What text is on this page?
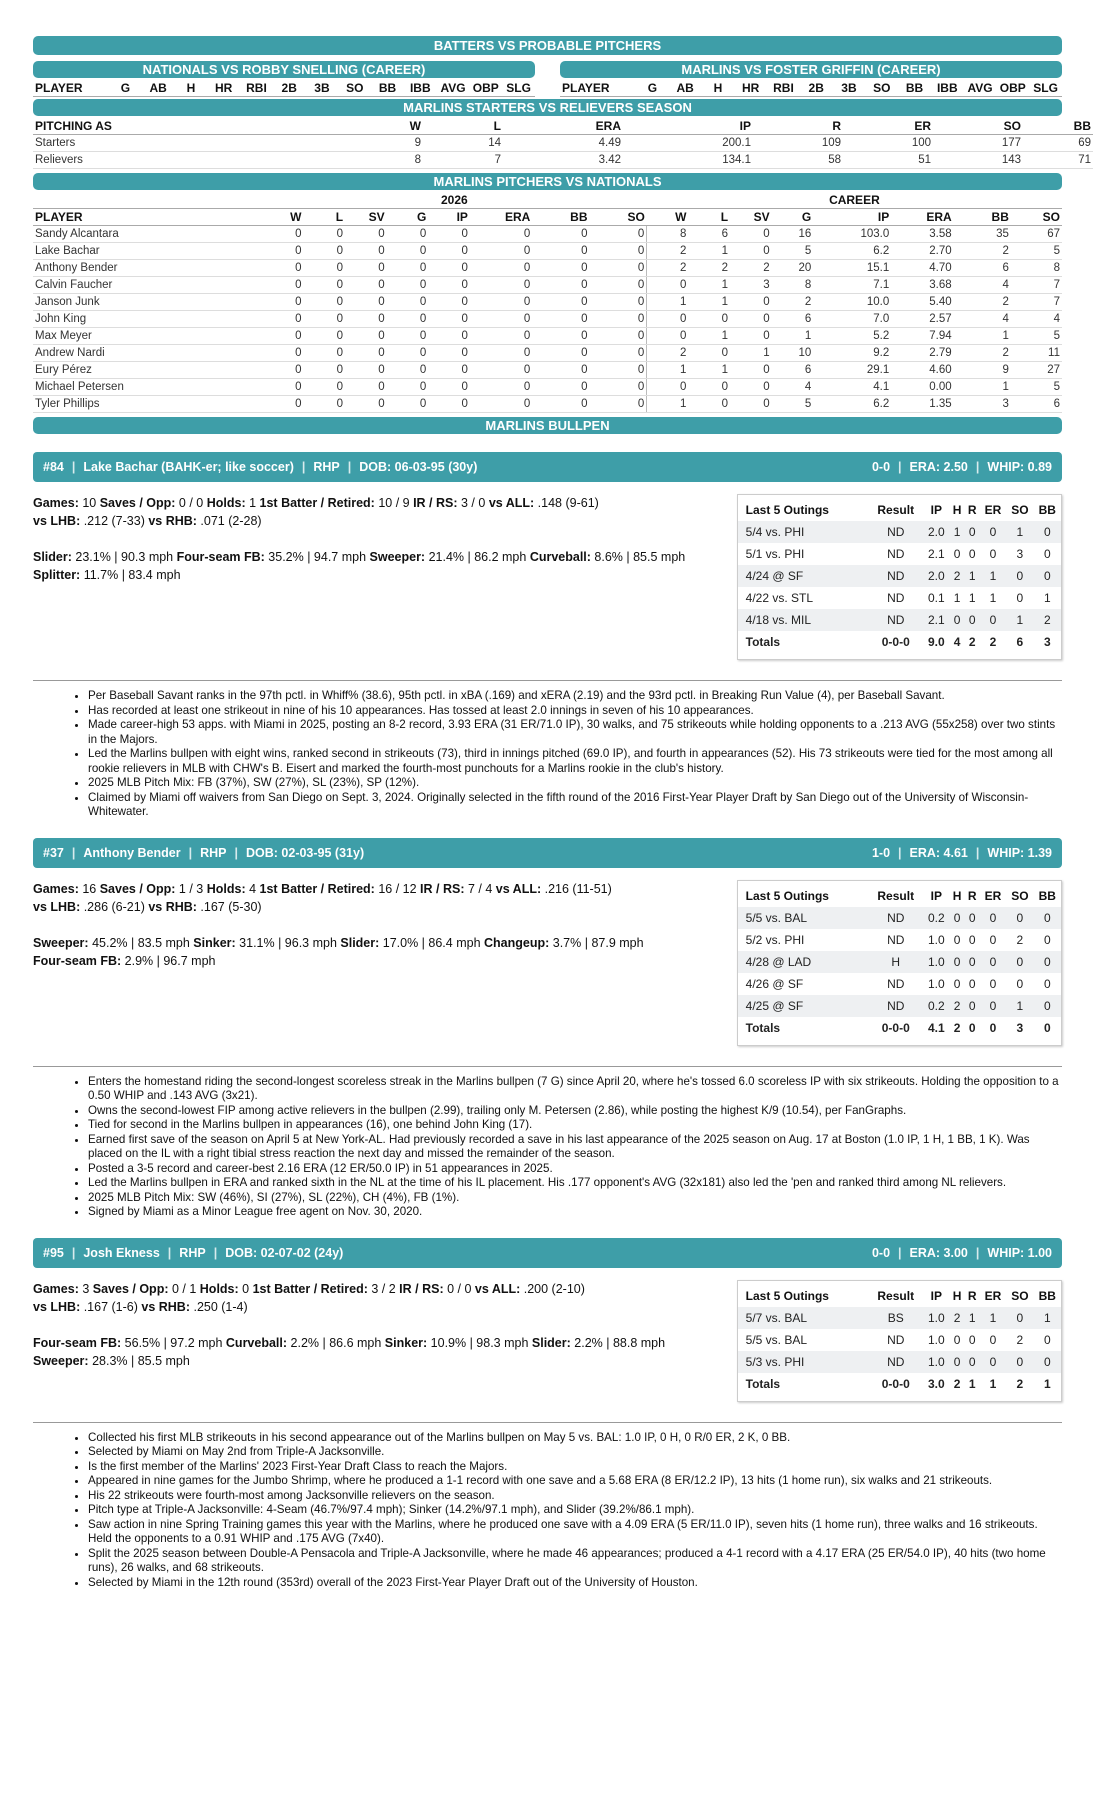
BATTERS VS PROBABLE PITCHERS
NATIONALS VS ROBBY SNELLING (CAREER)
PLAYER	G	AB	H	HR	RBI	2B	3B	SO	BB	IBB	AVG	OBP	SLG
MARLINS VS FOSTER GRIFFIN (CAREER)
PLAYER	G	AB	H	HR	RBI	2B	3B	SO	BB	IBB	AVG	OBP	SLG
MARLINS STARTERS VS RELIEVERS SEASON
PITCHING AS	W	L	ERA	IP	R	ER	SO	BB
Starters	9	14	4.49	200.1	109	100	177	69
Relievers	8	7	3.42	134.1	58	51	143	71
MARLINS PITCHERS VS NATIONALS
	2026								CAREER							
PLAYER	W	L	SV	G	IP	ERA	BB	SO	W	L	SV	G	IP	ERA	BB	SO
Sandy Alcantara	0	0	0	0	0	0	0	0	8	6	0	16	103.0	3.58	35	67
Lake Bachar	0	0	0	0	0	0	0	0	2	1	0	5	6.2	2.70	2	5
Anthony Bender	0	0	0	0	0	0	0	0	2	2	2	20	15.1	4.70	6	8
Calvin Faucher	0	0	0	0	0	0	0	0	0	1	3	8	7.1	3.68	4	7
Janson Junk	0	0	0	0	0	0	0	0	1	1	0	2	10.0	5.40	2	7
John King	0	0	0	0	0	0	0	0	0	0	0	6	7.0	2.57	4	4
Max Meyer	0	0	0	0	0	0	0	0	0	1	0	1	5.2	7.94	1	5
Andrew Nardi	0	0	0	0	0	0	0	0	2	0	1	10	9.2	2.79	2	11
Eury Pérez	0	0	0	0	0	0	0	0	1	1	0	6	29.1	4.60	9	27
Michael Petersen	0	0	0	0	0	0	0	0	0	0	0	4	4.1	0.00	1	5
Tyler Phillips	0	0	0	0	0	0	0	0	1	0	0	5	6.2	1.35	3	6
MARLINS BULLPEN
#84 | Lake Bachar (BAHK-er; like soccer) | RHP | DOB: 06-03-95 (30y)	0-0 | ERA: 2.50 | WHIP: 0.89
Games: 10 Saves / Opp: 0 / 0 Holds: 1 1st Batter / Retired: 10 / 9 IR / RS: 3 / 0 vs ALL: .148 (9-61)
vs LHB: .212 (7-33) vs RHB: .071 (2-28)
Slider: 23.1% | 90.3 mph Four-seam FB: 35.2% | 94.7 mph Sweeper: 21.4% | 86.2 mph Curveball: 8.6% | 85.5 mph
Splitter: 11.7% | 83.4 mph
Last 5 Outings	Result	IP	H	R	ER	SO	BB
5/4 vs. PHI	ND	2.0	1	0	0	1	0
5/1 vs. PHI	ND	2.1	0	0	0	3	0
4/24 @ SF	ND	2.0	2	1	1	0	0
4/22 vs. STL	ND	0.1	1	1	1	0	1
4/18 vs. MIL	ND	2.1	0	0	0	1	2
Totals	0-0-0	9.0	4	2	2	6	3
• Per Baseball Savant ranks in the 97th pctl. in Whiff% (38.6), 95th pctl. in xBA (.169) and xERA (2.19) and the 93rd pctl. in Breaking Run Value (4), per Baseball Savant.
• Has recorded at least one strikeout in nine of his 10 appearances. Has tossed at least 2.0 innings in seven of his 10 appearances.
• Made career-high 53 apps. with Miami in 2025, posting an 8-2 record, 3.93 ERA (31 ER/71.0 IP), 30 walks, and 75 strikeouts while holding opponents to a .213 AVG (55x258) over two stints in the Majors.
• Led the Marlins bullpen with eight wins, ranked second in strikeouts (73), third in innings pitched (69.0 IP), and fourth in appearances (52). His 73 strikeouts were tied for the most among all rookie relievers in MLB with CHW's B. Eisert and marked the fourth-most punchouts for a Marlins rookie in the club's history.
• 2025 MLB Pitch Mix: FB (37%), SW (27%), SL (23%), SP (12%).
• Claimed by Miami off waivers from San Diego on Sept. 3, 2024. Originally selected in the fifth round of the 2016 First-Year Player Draft by San Diego out of the University of Wisconsin-Whitewater.
#37 | Anthony Bender | RHP | DOB: 02-03-95 (31y)	1-0 | ERA: 4.61 | WHIP: 1.39
Games: 16 Saves / Opp: 1 / 3 Holds: 4 1st Batter / Retired: 16 / 12 IR / RS: 7 / 4 vs ALL: .216 (11-51)
vs LHB: .286 (6-21) vs RHB: .167 (5-30)
Sweeper: 45.2% | 83.5 mph Sinker: 31.1% | 96.3 mph Slider: 17.0% | 86.4 mph Changeup: 3.7% | 87.9 mph
Four-seam FB: 2.9% | 96.7 mph
Last 5 Outings	Result	IP	H	R	ER	SO	BB
5/5 vs. BAL	ND	0.2	0	0	0	0	0
5/2 vs. PHI	ND	1.0	0	0	0	2	0
4/28 @ LAD	H	1.0	0	0	0	0	0
4/26 @ SF	ND	1.0	0	0	0	0	0
4/25 @ SF	ND	0.2	2	0	0	1	0
Totals	0-0-0	4.1	2	0	0	3	0
• Enters the homestand riding the second-longest scoreless streak in the Marlins bullpen (7 G) since April 20, where he's tossed 6.0 scoreless IP with six strikeouts. Holding the opposition to a 0.50 WHIP and .143 AVG (3x21).
• Owns the second-lowest FIP among active relievers in the bullpen (2.99), trailing only M. Petersen (2.86), while posting the highest K/9 (10.54), per FanGraphs.
• Tied for second in the Marlins bullpen in appearances (16), one behind John King (17).
• Earned first save of the season on April 5 at New York-AL. Had previously recorded a save in his last appearance of the 2025 season on Aug. 17 at Boston (1.0 IP, 1 H, 1 BB, 1 K). Was placed on the IL with a right tibial stress reaction the next day and missed the remainder of the season.
• Posted a 3-5 record and career-best 2.16 ERA (12 ER/50.0 IP) in 51 appearances in 2025.
• Led the Marlins bullpen in ERA and ranked sixth in the NL at the time of his IL placement. His .177 opponent's AVG (32x181) also led the 'pen and ranked third among NL relievers.
• 2025 MLB Pitch Mix: SW (46%), SI (27%), SL (22%), CH (4%), FB (1%).
• Signed by Miami as a Minor League free agent on Nov. 30, 2020.
#95 | Josh Ekness | RHP | DOB: 02-07-02 (24y)	0-0 | ERA: 3.00 | WHIP: 1.00
Games: 3 Saves / Opp: 0 / 1 Holds: 0 1st Batter / Retired: 3 / 2 IR / RS: 0 / 0 vs ALL: .200 (2-10)
vs LHB: .167 (1-6) vs RHB: .250 (1-4)
Four-seam FB: 56.5% | 97.2 mph Curveball: 2.2% | 86.6 mph Sinker: 10.9% | 98.3 mph Slider: 2.2% | 88.8 mph
Sweeper: 28.3% | 85.5 mph
Last 5 Outings	Result	IP	H	R	ER	SO	BB
5/7 vs. BAL	BS	1.0	2	1	1	0	1
5/5 vs. BAL	ND	1.0	0	0	0	2	0
5/3 vs. PHI	ND	1.0	0	0	0	0	0
Totals	0-0-0	3.0	2	1	1	2	1
• Collected his first MLB strikeouts in his second appearance out of the Marlins bullpen on May 5 vs. BAL: 1.0 IP, 0 H, 0 R/0 ER, 2 K, 0 BB.
• Selected by Miami on May 2nd from Triple-A Jacksonville.
• Is the first member of the Marlins' 2023 First-Year Draft Class to reach the Majors.
• Appeared in nine games for the Jumbo Shrimp, where he produced a 1-1 record with one save and a 5.68 ERA (8 ER/12.2 IP), 13 hits (1 home run), six walks and 21 strikeouts.
• His 22 strikeouts were fourth-most among Jacksonville relievers on the season.
• Pitch type at Triple-A Jacksonville: 4-Seam (46.7%/97.4 mph); Sinker (14.2%/97.1 mph), and Slider (39.2%/86.1 mph).
• Saw action in nine Spring Training games this year with the Marlins, where he produced one save with a 4.09 ERA (5 ER/11.0 IP), seven hits (1 home run), three walks and 16 strikeouts. Held the opponents to a 0.91 WHIP and .175 AVG (7x40).
• Split the 2025 season between Double-A Pensacola and Triple-A Jacksonville, where he made 46 appearances; produced a 4-1 record with a 4.17 ERA (25 ER/54.0 IP), 40 hits (two home runs), 26 walks, and 68 strikeouts.
• Selected by Miami in the 12th round (353rd) overall of the 2023 First-Year Player Draft out of the University of Houston.
